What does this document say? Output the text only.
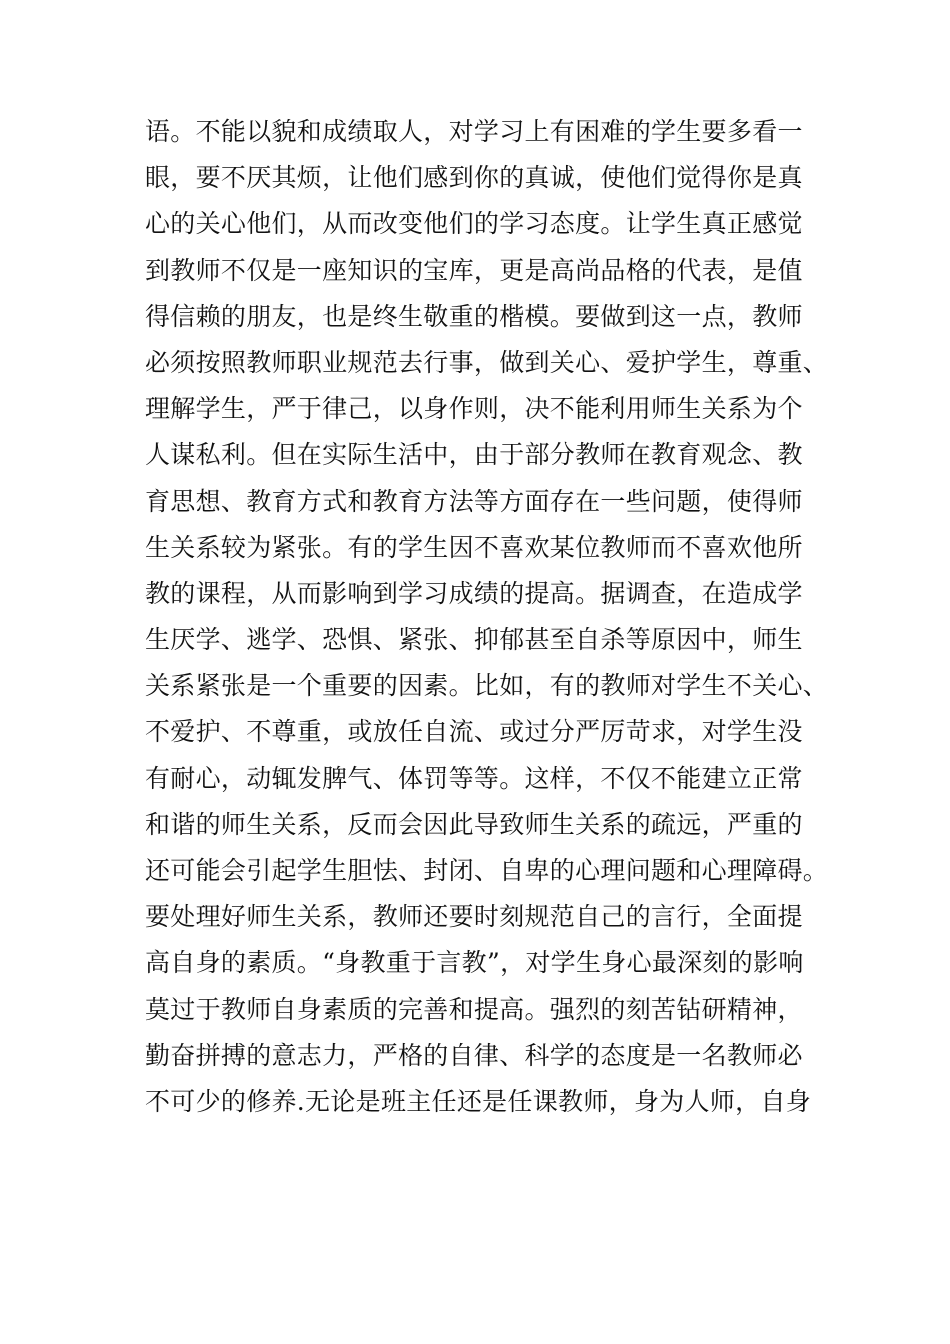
语。不能以貌和成绩取人，对学习上有困难的学生要多看一
眼，要不厌其烦，让他们感到你的真诚，使他们觉得你是真
心的关心他们，从而改变他们的学习态度。让学生真正感觉
到教师不仅是一座知识的宝库，更是高尚品格的代表，是值
得信赖的朋友，也是终生敬重的楷模。要做到这一点，教师
必须按照教师职业规范去行事，做到关心、爱护学生，尊重、
理解学生，严于律己，以身作则，决不能利用师生关系为个
人谋私利。但在实际生活中，由于部分教师在教育观念、教
育思想、教育方式和教育方法等方面存在一些问题，使得师
生关系较为紧张。有的学生因不喜欢某位教师而不喜欢他所
教的课程，从而影响到学习成绩的提高。据调查，在造成学
生厌学、逃学、恐惧、紧张、抑郁甚至自杀等原因中，师生
关系紧张是一个重要的因素。比如，有的教师对学生不关心、
不爱护、不尊重，或放任自流、或过分严厉苛求，对学生没
有耐心，动辄发脾气、体罚等等。这样，不仅不能建立正常
和谐的师生关系，反而会因此导致师生关系的疏远，严重的
还可能会引起学生胆怯、封闭、自卑的心理问题和心理障碍。
要处理好师生关系，教师还要时刻规范自己的言行，全面提
高自身的素质。“身教重于言教”，对学生身心最深刻的影响
莫过于教师自身素质的完善和提高。强烈的刻苦钻研精神，
勤奋拼搏的意志力，严格的自律、科学的态度是一名教师必
不可少的修养.无论是班主任还是任课教师，身为人师，自身
